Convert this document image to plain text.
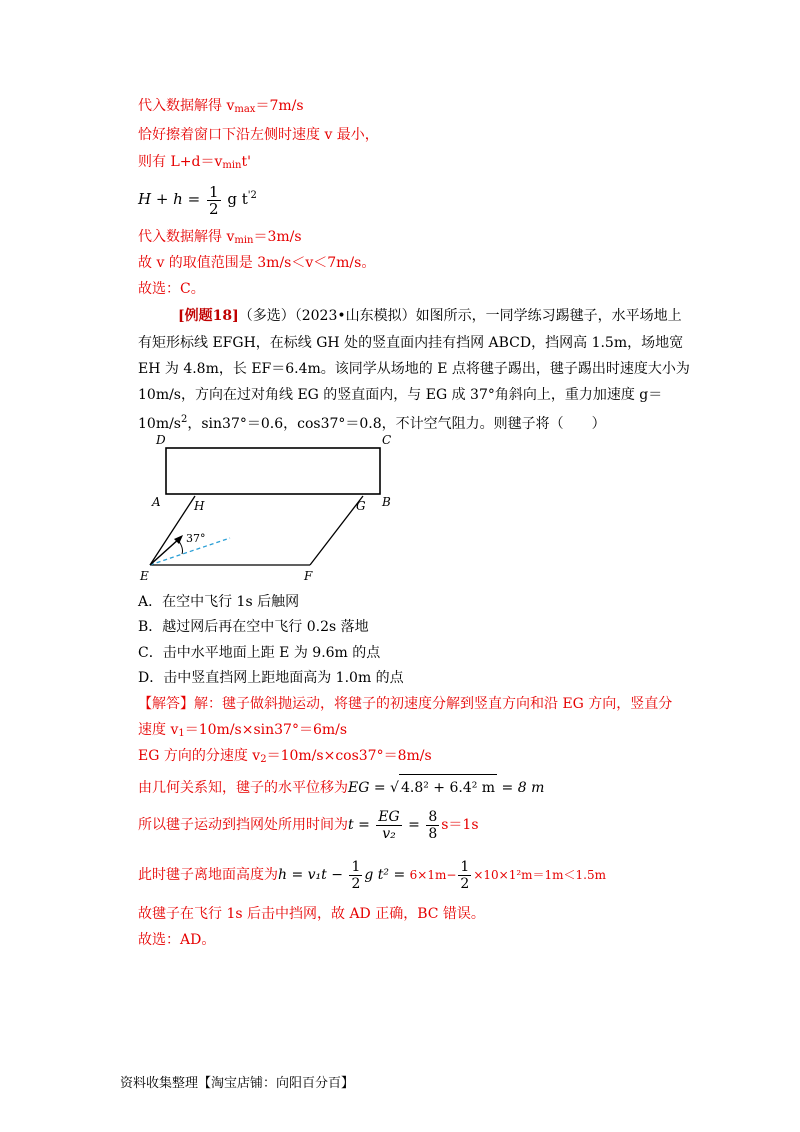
代入数据解得 $v_{max}=7m/s$
恰好擦着窗口下沿左侧时速度 v 最小，
则有 $L+d=v_{min}t'$
$H + h = \frac{1}{2}$ g $t^{'2}$
代入数据解得 $v_{min}=3m/s$
故 v 的取值范围是 3m/s＜v＜7m/s。
故选：C。
[例题18]（多选）（2023•山东模拟）如图所示，一同学练习踢毽子，水平场地上
有矩形标线 EFGH，在标线 GH 处的竖直面内挂有挡网 ABCD，挡网高 1.5m，场地宽
EH 为 4.8m，长 EF＝6.4m。该同学从场地的 E 点将毽子踢出，毽子踢出时速度大小为
10m/s，方向在过对角线 EG 的竖直面内，与 EG 成 37°角斜向上，重力加速度 g＝
$10m/s^2$，sin37°＝0.6，cos37°＝0.8，不计空气阻力。则毽子将（　　）
D	C
A	H	G B
E	F
37°
A．在空中飞行 1s 后触网
B．越过网后再在空中飞行 0.2s 落地
C．击中水平地面上距 E 为 9.6m 的点
D．击中竖直挡网上距地面高为 1.0m 的点
【解答】解：毽子做斜抛运动，将毽子的初速度分解到竖直方向和沿 EG 方向，竖直分
速度 $v_1=10m/s\times\sin 37^\circ=6m/s$
EG 方向的分速度 $v_2=10m/s\times\cos 37^\circ=8m/s$
由几何关系知，毽子的水平位移为EG = √ 4.8² + 6.4² m = 8 m
所以毽子运动到挡网处所用时间为$t = \frac{EG}{\text{v₂}} = \frac{8}{8} s=1s$
此时毽子离地面高度为$h = v_1t - \frac{1}{2}$ g $t^2 = 6\times 1m- \frac{1}{2} \times 10\times 1^2m=1m<1.5m$
故毽子在飞行 1s 后击中挡网，故 AD 正确，BC 错误。
故选：AD。
资料收集整理【淘宝店铺：向阳百分百】
